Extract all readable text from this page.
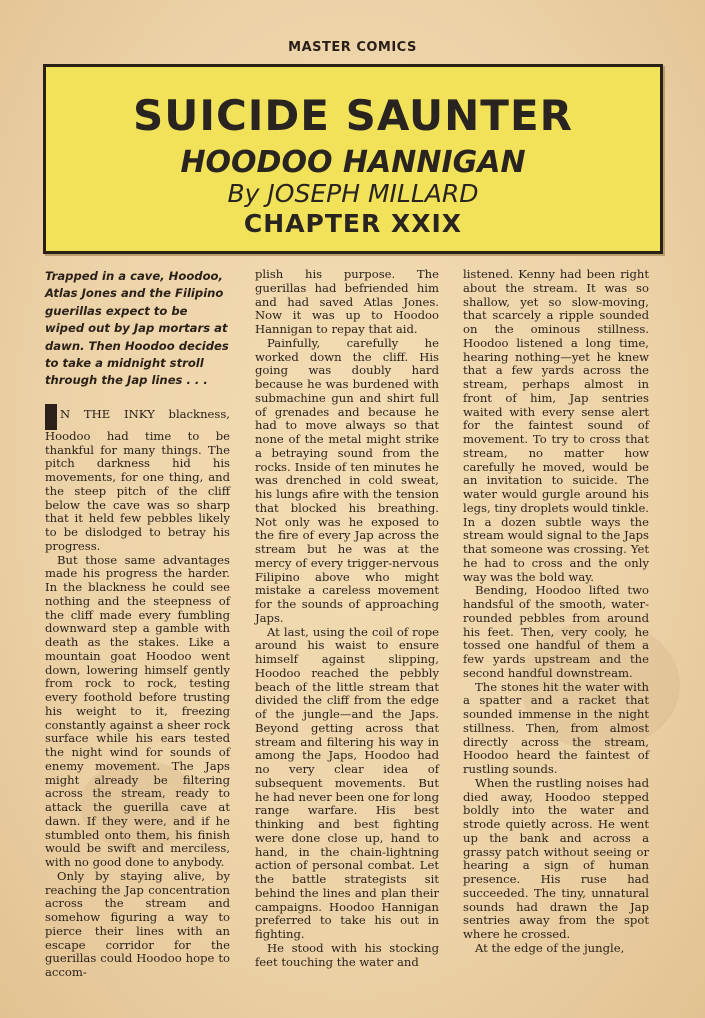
MASTER COMICS
SUICIDE SAUNTER
HOODOO HANNIGAN
By JOSEPH MILLARD
CHAPTER XXIX

Trapped in a cave, Hoodoo, Atlas Jones and the Filipino guerillas expect to be wiped out by Jap mortars at dawn. Then Hoodoo decides to take a midnight stroll through the Jap lines . . .

N THE INKY blackness, Hoodoo had time to be thankful for many things. The pitch darkness hid his movements, for one thing, and the steep pitch of the cliff below the cave was so sharp that it held few pebbles likely to be dislodged to betray his progress.

But those same advantages made his progress the harder. In the blackness he could see nothing and the steepness of the cliff made every fumbling downward step a gamble with death as the stakes. Like a mountain goat Hoodoo went down, lowering himself gently from rock to rock, testing every foothold before trusting his weight to it, freezing constantly against a sheer rock surface while his ears tested the night wind for sounds of enemy movement. The Japs might already be filtering across the stream, ready to attack the guerilla cave at dawn. If they were, and if he stumbled onto them, his finish would be swift and merciless, with no good done to anybody.

Only by staying alive, by reaching the Jap concentration across the stream and somehow figuring a way to pierce their lines with an escape corridor for the guerillas could Hoodoo hope to accom-

plish his purpose. The guerillas had befriended him and had saved Atlas Jones. Now it was up to Hoodoo Hannigan to repay that aid.

Painfully, carefully he worked down the cliff. His going was doubly hard because he was burdened with submachine gun and shirt full of grenades and because he had to move always so that none of the metal might strike a betraying sound from the rocks. Inside of ten minutes he was drenched in cold sweat, his lungs afire with the tension that blocked his breathing. Not only was he exposed to the fire of every Jap across the stream but he was at the mercy of every trigger-nervous Filipino above who might mistake a careless movement for the sounds of approaching Japs.

At last, using the coil of rope around his waist to ensure himself against slipping, Hoodoo reached the pebbly beach of the little stream that divided the cliff from the edge of the jungle—and the Japs. Beyond getting across that stream and filtering his way in among the Japs, Hoodoo had no very clear idea of subsequent movements. But he had never been one for long range warfare. His best thinking and best fighting were done close up, hand to hand, in the chain-lightning action of personal combat. Let the battle strategists sit behind the lines and plan their campaigns. Hoodoo Hannigan preferred to take his out in fighting.

He stood with his stocking feet touching the water and

listened. Kenny had been right about the stream. It was so shallow, yet so slow-moving, that scarcely a ripple sounded on the ominous stillness. Hoodoo listened a long time, hearing nothing—yet he knew that a few yards across the stream, perhaps almost in front of him, Jap sentries waited with every sense alert for the faintest sound of movement. To try to cross that stream, no matter how carefully he moved, would be an invitation to suicide. The water would gurgle around his legs, tiny droplets would tinkle. In a dozen subtle ways the stream would signal to the Japs that someone was crossing. Yet he had to cross and the only way was the bold way.

Bending, Hoodoo lifted two handsful of the smooth, water-rounded pebbles from around his feet. Then, very cooly, he tossed one handful of them a few yards upstream and the second handful downstream.

The stones hit the water with a spatter and a racket that sounded immense in the night stillness. Then, from almost directly across the stream, Hoodoo heard the faintest of rustling sounds.

When the rustling noises had died away, Hoodoo stepped boldly into the water and strode quietly across. He went up the bank and across a grassy patch without seeing or hearing a sign of human presence. His ruse had succeeded. The tiny, unnatural sounds had drawn the Jap sentries away from the spot where he crossed.

At the edge of the jungle,
